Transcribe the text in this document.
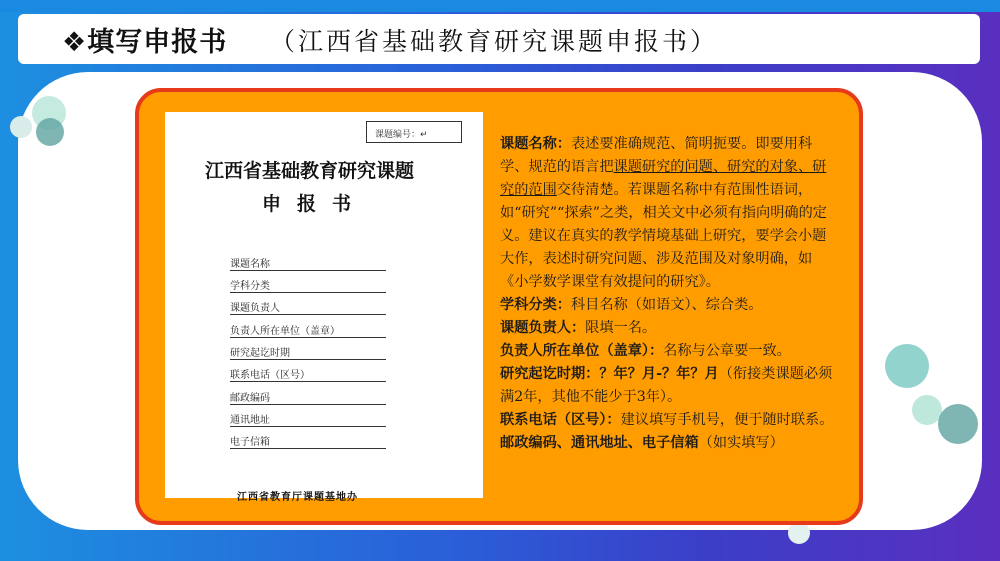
❖填写申报书 （江西省基础教育研究课题申报书）
课题编号：↵
江西省基础教育研究课题
申报书
课题名称
学科分类
课题负责人
负责人所在单位（盖章）
研究起讫时期
联系电话（区号）
邮政编码
通讯地址
电子信箱
江西省教育厅课题基地办

课题名称：表述要准确规范、简明扼要。即要用科学、规范的语言把课题研究的问题、研究的对象、研究的范围交待清楚。若课题名称中有范围性语词，如“研究”“探索”之类，相关文中必须有指向明确的定义。建议在真实的教学情境基础上研究，要学会小题大作，表述时研究问题、涉及范围及对象明确，如《小学数学课堂有效提问的研究》。

学科分类：科目名称（如语文）、综合类。

课题负责人：限填一名。

负责人所在单位（盖章）：名称与公章要一致。

研究起讫时期：？年？月-？年？月（衔接类课题必须满2年，其他不能少于3年）。

联系电话（区号）：建议填写手机号，便于随时联系。

邮政编码、通讯地址、电子信箱（如实填写）
